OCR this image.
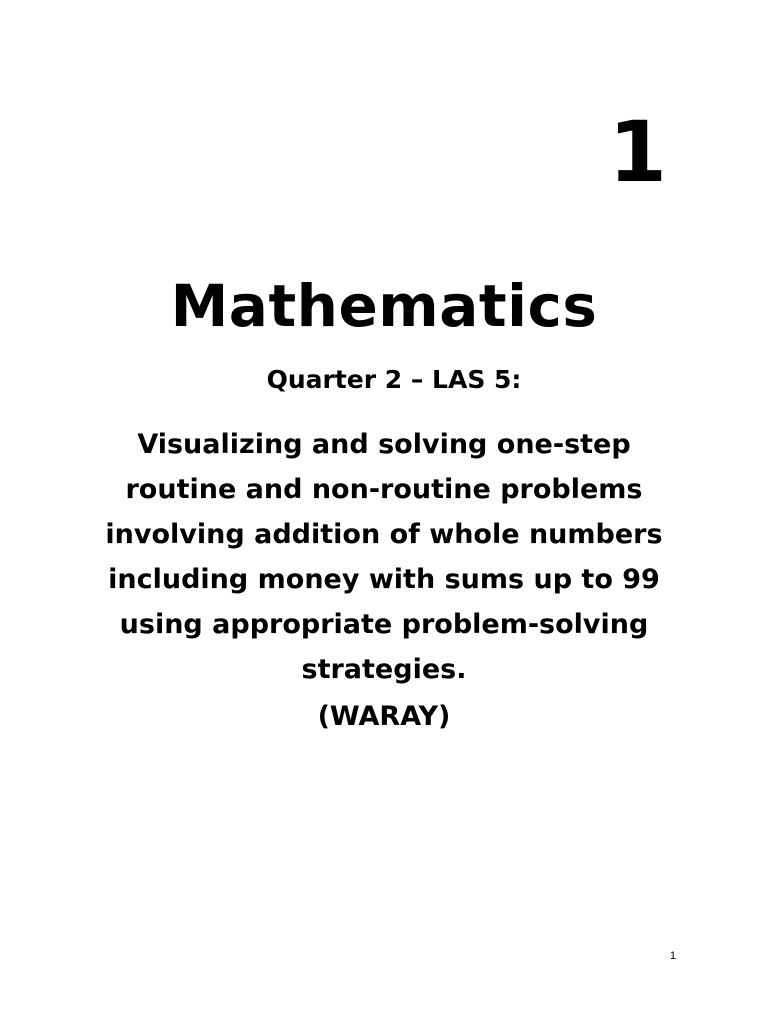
1
Mathematics
Quarter 2 – LAS 5:

Visualizing and solving one-step routine and non-routine problems involving addition of whole numbers including money with sums up to 99 using appropriate problem-solving strategies.

(WARAY)

1
